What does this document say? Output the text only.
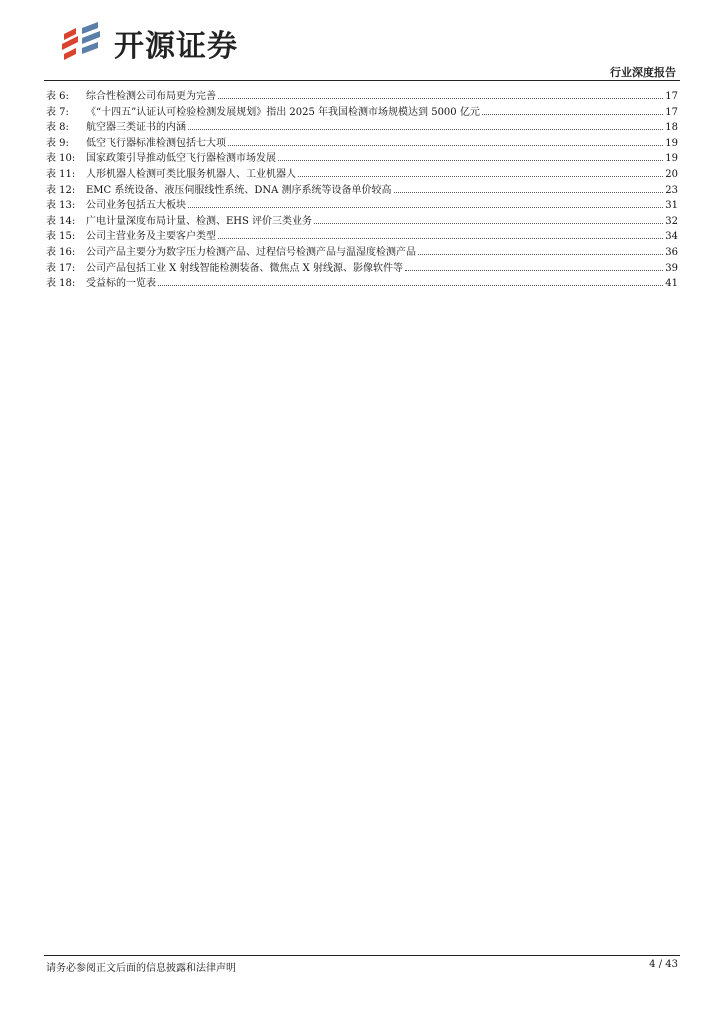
开源证券
行业深度报告
表 6:	综合性检测公司布局更为完善	17
表 7:	《“十四五”认证认可检验检测发展规划》指出 2025 年我国检测市场规模达到 5000 亿元	17
表 8:	航空器三类证书的内涵	18
表 9:	低空飞行器标准检测包括七大项	19
表 10:	国家政策引导推动低空飞行器检测市场发展	19
表 11:	人形机器人检测可类比服务机器人、工业机器人	20
表 12:	EMC 系统设备、液压伺服线性系统、DNA 测序系统等设备单价较高	23
表 13:	公司业务包括五大板块	31
表 14:	广电计量深度布局计量、检测、EHS 评价三类业务	32
表 15:	公司主营业务及主要客户类型	34
表 16:	公司产品主要分为数字压力检测产品、过程信号检测产品与温湿度检测产品	36
表 17:	公司产品包括工业 X 射线智能检测装备、微焦点 X 射线源、影像软件等	39
表 18:	受益标的一览表	41
请务必参阅正文后面的信息披露和法律声明	4 / 43
